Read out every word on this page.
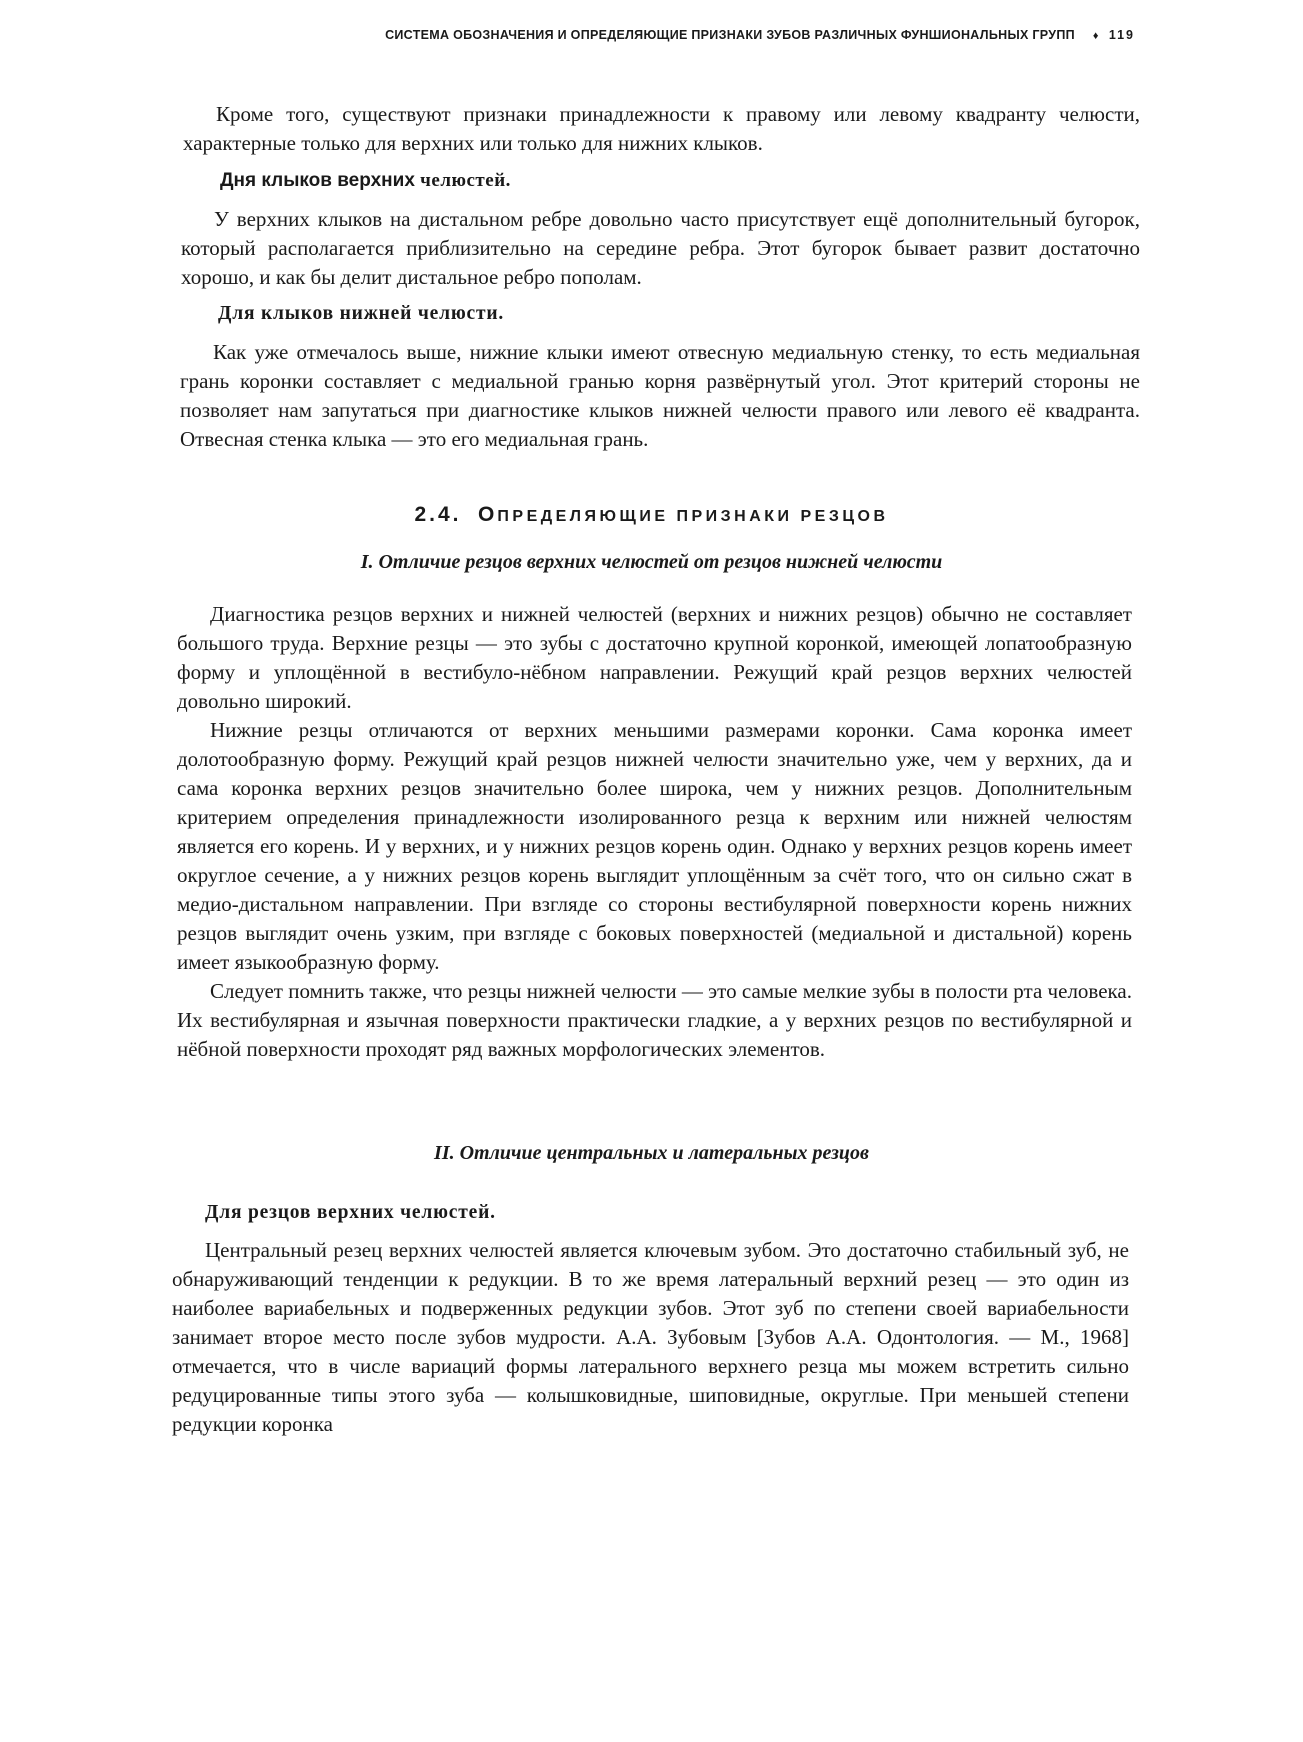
СИСТЕМА ОБОЗНАЧЕНИЯ И ОПРЕДЕЛЯЮЩИЕ ПРИЗНАКИ ЗУБОВ РАЗЛИЧНЫХ ФУНШИОНАЛЬНЫХ ГРУПП ♦ 119

Кроме того, существуют признаки принадлежности к правому или левому квадранту челюсти, характерные только для верхних или только для нижних клыков.

Дня клыков верхних челюстей.

У верхних клыков на дистальном ребре довольно часто присутствует ещё дополнительный бугорок, который располагается приблизительно на середине ребра. Этот бугорок бывает развит достаточно хорошо, и как бы делит дистальное ребро пополам.

Для клыков нижней челюсти.

Как уже отмечалось выше, нижние клыки имеют отвесную медиальную стенку, то есть медиальная грань коронки составляет с медиальной гранью корня развёрнутый угол. Этот критерий стороны не позволяет нам запутаться при диагностике клыков нижней челюсти правого или левого её квадранта. Отвесная стенка клыка — это его медиальная грань.

2.4. ОПРЕДЕЛЯЮЩИЕ ПРИЗНАКИ РЕЗЦОВ
I. Отличие резцов верхних челюстей от резцов нижней челюсти

Диагностика резцов верхних и нижней челюстей (верхних и нижних резцов) обычно не составляет большого труда. Верхние резцы — это зубы с достаточно крупной коронкой, имеющей лопатообразную форму и уплощённой в вестибуло-нёбном направлении. Режущий край резцов верхних челюстей довольно широкий.

Нижние резцы отличаются от верхних меньшими размерами коронки. Сама коронка имеет долотообразную форму. Режущий край резцов нижней челюсти значительно уже, чем у верхних, да и сама коронка верхних резцов значительно более широка, чем у нижних резцов. Дополнительным критерием определения принадлежности изолированного резца к верхним или нижней челюстям является его корень. И у верхних, и у нижних резцов корень один. Однако у верхних резцов корень имеет округлое сечение, а у нижних резцов корень выглядит уплощённым за счёт того, что он сильно сжат в медио-дистальном направлении. При взгляде со стороны вестибулярной поверхности корень нижних резцов выглядит очень узким, при взгляде с боковых поверхностей (медиальной и дистальной) корень имеет языкообразную форму.

Следует помнить также, что резцы нижней челюсти — это самые мелкие зубы в полости рта человека. Их вестибулярная и язычная поверхности практически гладкие, а у верхних резцов по вестибулярной и нёбной поверхности проходят ряд важных морфологических элементов.

II. Отличие центральных и латеральных резцов
Для резцов верхних челюстей.

Центральный резец верхних челюстей является ключевым зубом. Это достаточно стабильный зуб, не обнаруживающий тенденции к редукции. В то же время латеральный верхний резец — это один из наиболее вариабельных и подверженных редукции зубов. Этот зуб по степени своей вариабельности занимает второе место после зубов мудрости. А.А. Зубовым [Зубов А.А. Одонтология. — М., 1968] отмечается, что в числе вариаций формы латерального верхнего резца мы можем встретить сильно редуцированные типы этого зуба — колышковидные, шиповидные, округлые. При меньшей степени редукции коронка
